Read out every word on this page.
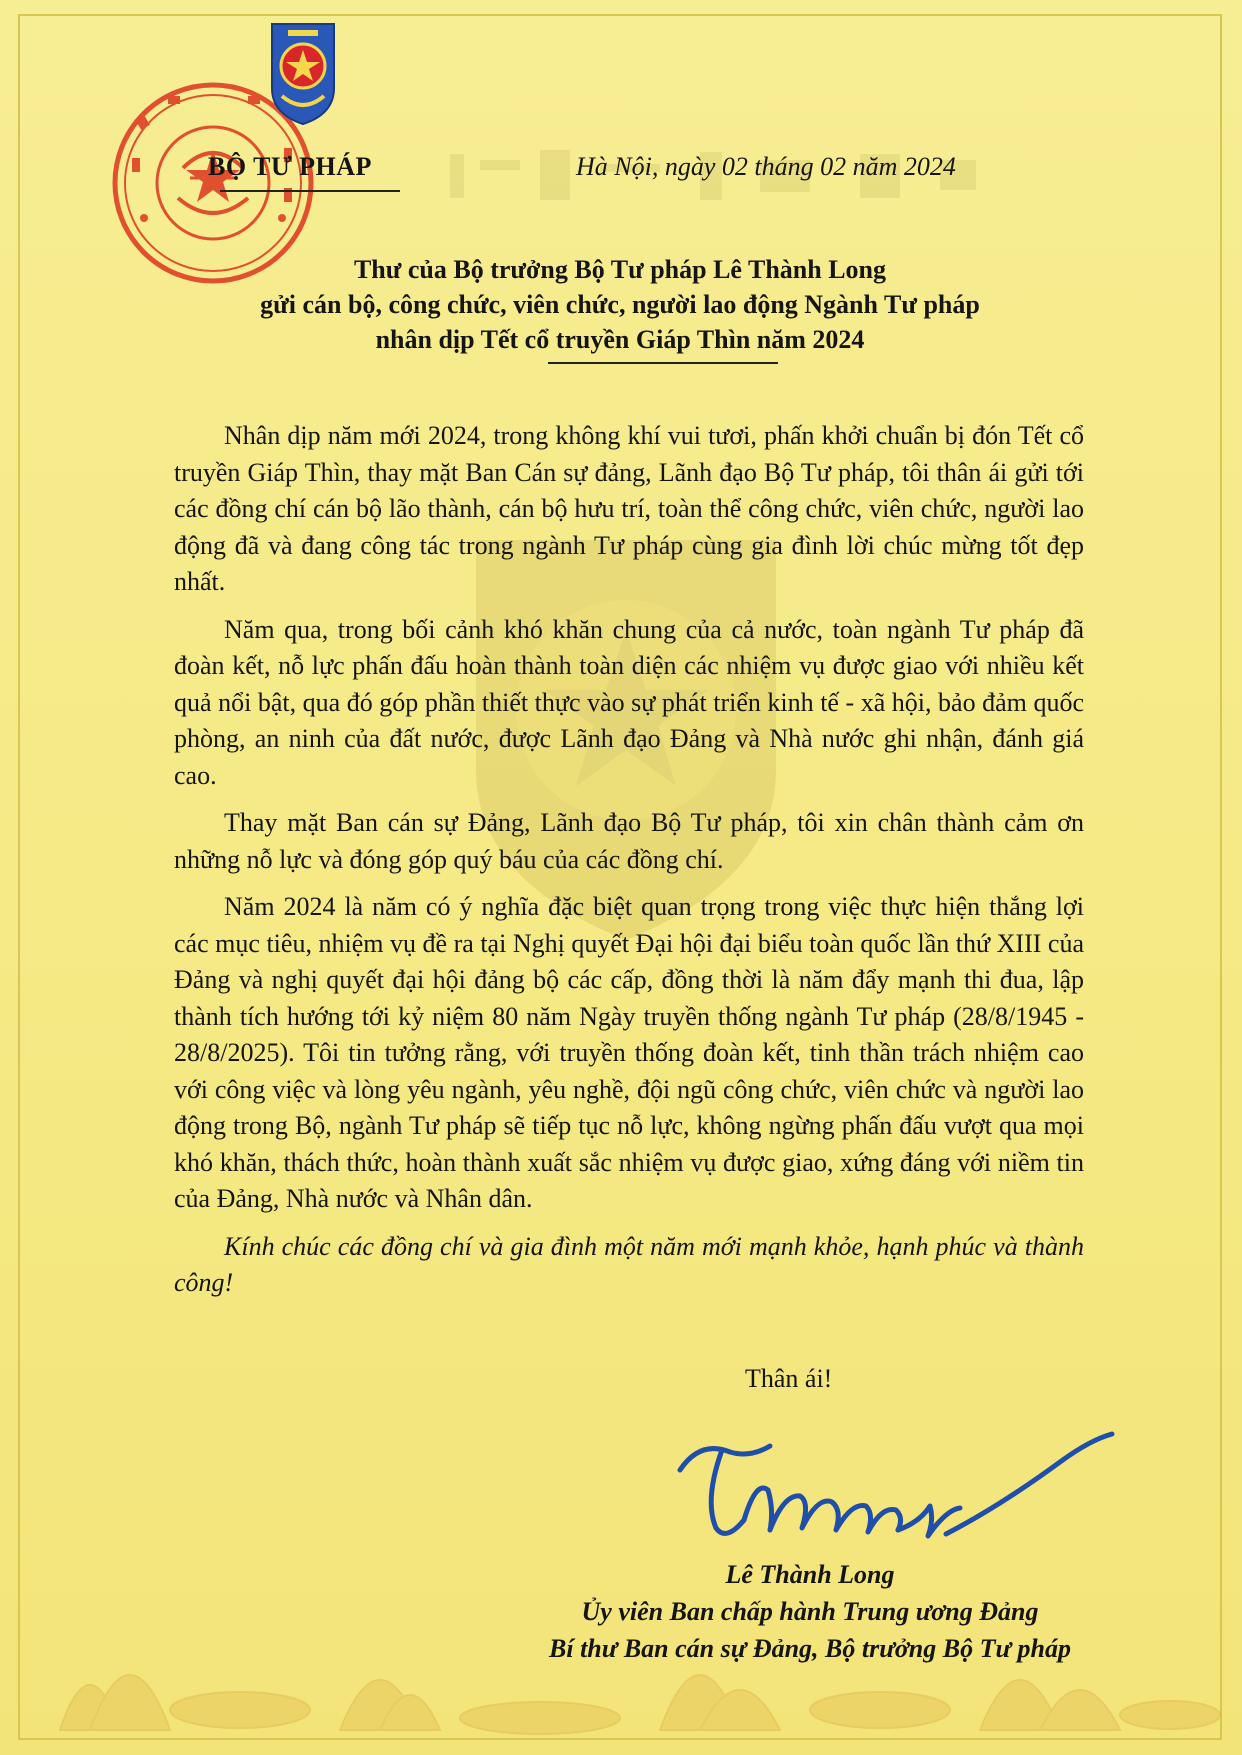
BỘ TƯ PHÁP	Hà Nội, ngày 02 tháng 02 năm 2024
Thư của Bộ trưởng Bộ Tư pháp Lê Thành Long
gửi cán bộ, công chức, viên chức, người lao động Ngành Tư pháp
nhân dịp Tết cổ truyền Giáp Thìn năm 2024

Nhân dịp năm mới 2024, trong không khí vui tươi, phấn khởi chuẩn bị đón Tết cổ truyền Giáp Thìn, thay mặt Ban Cán sự đảng, Lãnh đạo Bộ Tư pháp, tôi thân ái gửi tới các đồng chí cán bộ lão thành, cán bộ hưu trí, toàn thể công chức, viên chức, người lao động đã và đang công tác trong ngành Tư pháp cùng gia đình lời chúc mừng tốt đẹp nhất.

Năm qua, trong bối cảnh khó khăn chung của cả nước, toàn ngành Tư pháp đã đoàn kết, nỗ lực phấn đấu hoàn thành toàn diện các nhiệm vụ được giao với nhiều kết quả nổi bật, qua đó góp phần thiết thực vào sự phát triển kinh tế - xã hội, bảo đảm quốc phòng, an ninh của đất nước, được Lãnh đạo Đảng và Nhà nước ghi nhận, đánh giá cao.

Thay mặt Ban cán sự Đảng, Lãnh đạo Bộ Tư pháp, tôi xin chân thành cảm ơn những nỗ lực và đóng góp quý báu của các đồng chí.

Năm 2024 là năm có ý nghĩa đặc biệt quan trọng trong việc thực hiện thắng lợi các mục tiêu, nhiệm vụ đề ra tại Nghị quyết Đại hội đại biểu toàn quốc lần thứ XIII của Đảng và nghị quyết đại hội đảng bộ các cấp, đồng thời là năm đẩy mạnh thi đua, lập thành tích hướng tới kỷ niệm 80 năm Ngày truyền thống ngành Tư pháp (28/8/1945 - 28/8/2025). Tôi tin tưởng rằng, với truyền thống đoàn kết, tinh thần trách nhiệm cao với công việc và lòng yêu ngành, yêu nghề, đội ngũ công chức, viên chức và người lao động trong Bộ, ngành Tư pháp sẽ tiếp tục nỗ lực, không ngừng phấn đấu vượt qua mọi khó khăn, thách thức, hoàn thành xuất sắc nhiệm vụ được giao, xứng đáng với niềm tin của Đảng, Nhà nước và Nhân dân.

Kính chúc các đồng chí và gia đình một năm mới mạnh khỏe, hạnh phúc và thành công!

Thân ái!
Lê Thành Long
Ủy viên Ban chấp hành Trung ương Đảng
Bí thư Ban cán sự Đảng, Bộ trưởng Bộ Tư pháp
